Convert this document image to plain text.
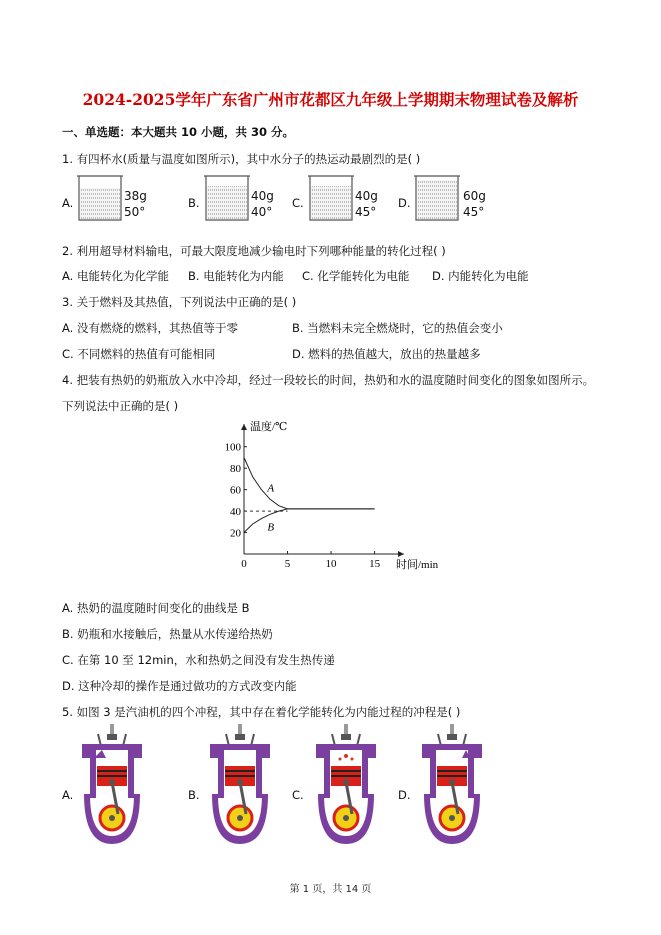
2024-2025学年广东省广州市花都区九年级上学期期末物理试卷及解析
一、单选题：本大题共 10 小题，共 30 分。
1. 有四杯水(质量与温度如图所示)，其中水分子的热运动最剧烈的是( )
A.	38g
50°
B.	40g
40°
C.	40g
45°
D.	60g
45°
2. 利用超导材料输电，可最大限度地减少输电时下列哪种能量的转化过程( )
A. 电能转化为化学能 B. 电能转化为内能 C. 化学能转化为电能 D. 内能转化为电能
3. 关于燃料及其热值，下列说法中正确的是( )
A. 没有燃烧的燃料，其热值等于零	B. 当燃料未完全燃烧时，它的热值会变小
C. 不同燃料的热值有可能相同	D. 燃料的热值越大，放出的热量越多
4. 把装有热奶的奶瓶放入水中冷却，经过一段较长的时间，热奶和水的温度随时间变化的图象如图所示。
下列说法中正确的是( )
0	5	10	15
20
40
60
80
100
温度/℃
时间/min
A
B
A. 热奶的温度随时间变化的曲线是 B
B. 奶瓶和水接触后，热量从水传递给热奶
C. 在第 10 至 12min，水和热奶之间没有发生热传递
D. 这种冷却的操作是通过做功的方式改变内能
5. 如图 3 是汽油机的四个冲程，其中存在着化学能转化为内能过程的冲程是( )
A.	B.	C.	D.
第 1 页，共 14 页
